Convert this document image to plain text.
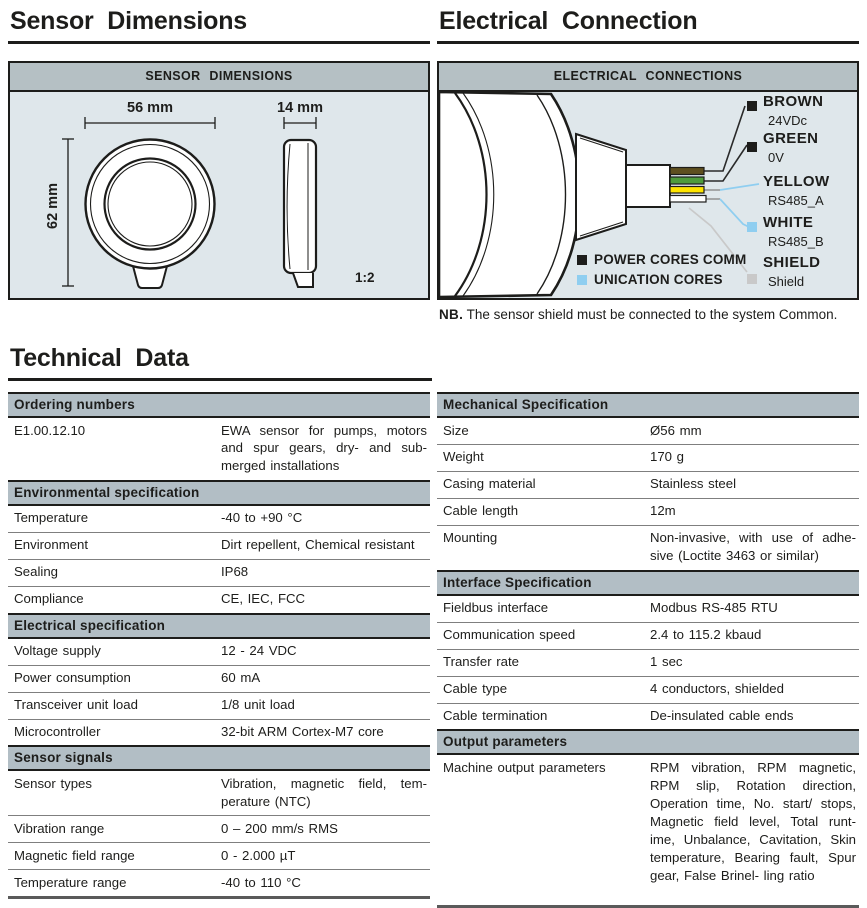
Sensor Dimensions
SENSOR DIMENSIONS
56 mm	14 mm
62 mm
1:2
Electrical Connection
ELECTRICAL CONNECTIONS
BROWN
24VDc
GREEN
0V
YELLOW
RS485_A
WHITE
RS485_B
SHIELD
Shield
POWER CORES COMM
UNICATION CORES
NB. The sensor shield must be connected to the system Common.
Technical Data
Ordering numbers
E1.00.12.10	EWA sensor for pumps, motors and spur gears, dry- and sub- merged installations
Environmental specification
Temperature	-40 to +90 °C
Environment	Dirt repellent, Chemical resistant
Sealing	IP68
Compliance	CE, IEC, FCC
Electrical specification
Voltage supply	12 - 24 VDC
Power consumption	60 mA
Transceiver unit load	1/8 unit load
Microcontroller	32-bit ARM Cortex-M7 core
Sensor signals
Sensor types	Vibration, magnetic field, tem- perature (NTC)
Vibration range	0 – 200 mm/s RMS
Magnetic field range	0 - 2.000 µT
Temperature range	-40 to 110 °C
Mechanical Specification
Size	Ø56 mm
Weight	170 g
Casing material	Stainless steel
Cable length	12m
Mounting	Non-invasive, with use of adhe- sive (Loctite 3463 or similar)
Interface Specification
Fieldbus interface	Modbus RS-485 RTU
Communication speed	2.4 to 115.2 kbaud
Transfer rate	1 sec
Cable type	4 conductors, shielded
Cable termination	De-insulated cable ends
Output parameters
Machine output parameters	RPM vibration, RPM magnetic, RPM slip, Rotation direction, Operation time, No. start/ stops, Magnetic field level, Total runt- ime, Unbalance, Cavitation, Skin temperature, Bearing fault, Spur gear, False Brinel- ling ratio
